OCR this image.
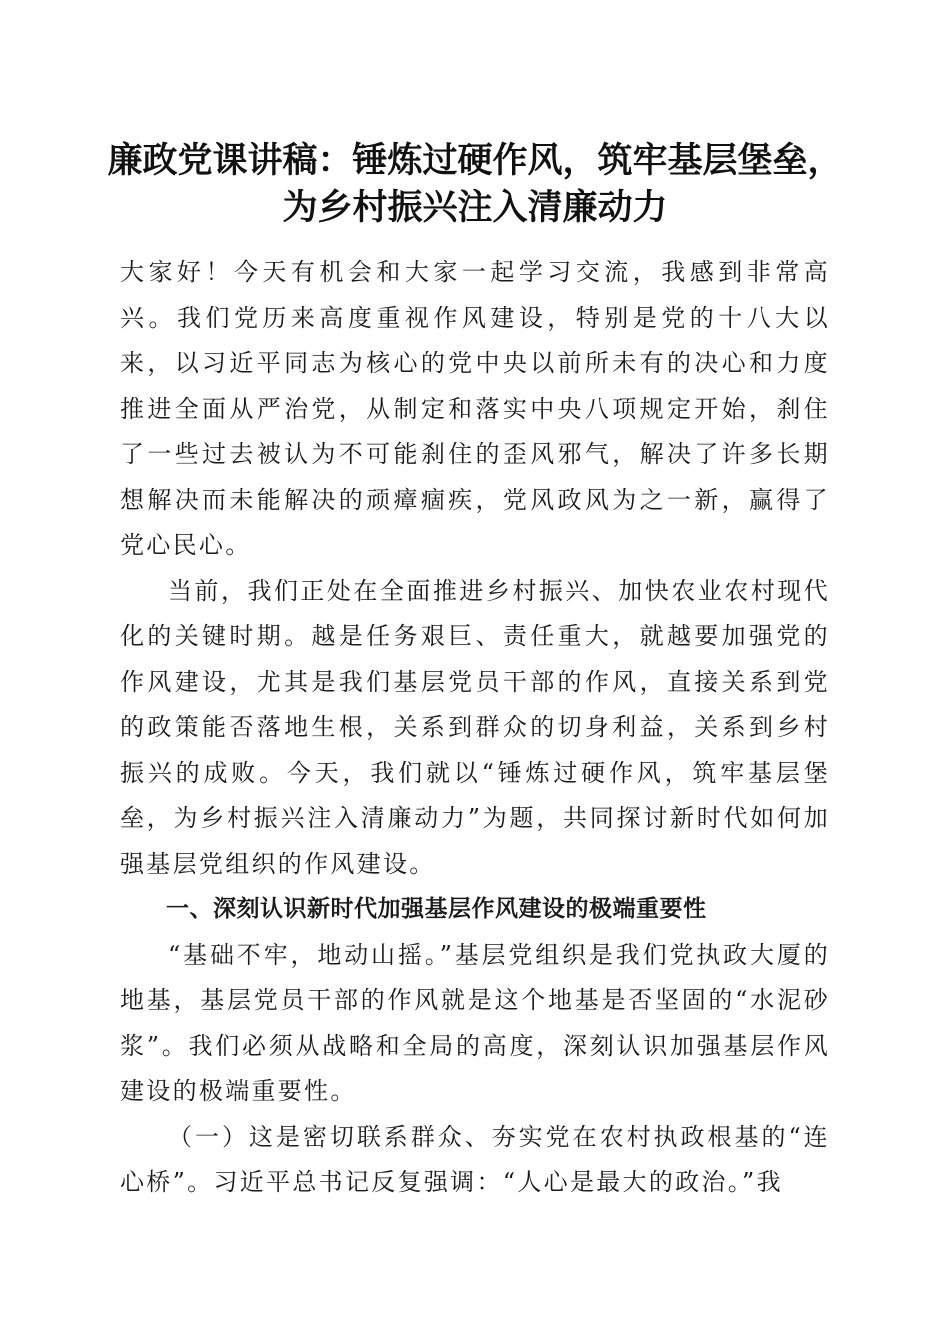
廉政党课讲稿：锤炼过硬作风，筑牢基层堡垒，
为乡村振兴注入清廉动力

大家好！今天有机会和大家一起学习交流，我感到非常高兴。我们党历来高度重视作风建设，特别是党的十八大以来，以习近平同志为核心的党中央以前所未有的决心和力度推进全面从严治党，从制定和落实中央八项规定开始，刹住了一些过去被认为不可能刹住的歪风邪气，解决了许多长期想解决而未能解决的顽瘴痼疾，党风政风为之一新，赢得了党心民心。

当前，我们正处在全面推进乡村振兴、加快农业农村现代化的关键时期。越是任务艰巨、责任重大，就越要加强党的作风建设，尤其是我们基层党员干部的作风，直接关系到党的政策能否落地生根，关系到群众的切身利益，关系到乡村振兴的成败。今天，我们就以“锤炼过硬作风，筑牢基层堡垒，为乡村振兴注入清廉动力”为题，共同探讨新时代如何加强基层党组织的作风建设。

一、深刻认识新时代加强基层作风建设的极端重要性

“基础不牢，地动山摇。”基层党组织是我们党执政大厦的地基，基层党员干部的作风就是这个地基是否坚固的“水泥砂浆”。我们必须从战略和全局的高度，深刻认识加强基层作风建设的极端重要性。

（一）这是密切联系群众、夯实党在农村执政根基的“连心桥”。习近平总书记反复强调：“人心是最大的政治。”我
